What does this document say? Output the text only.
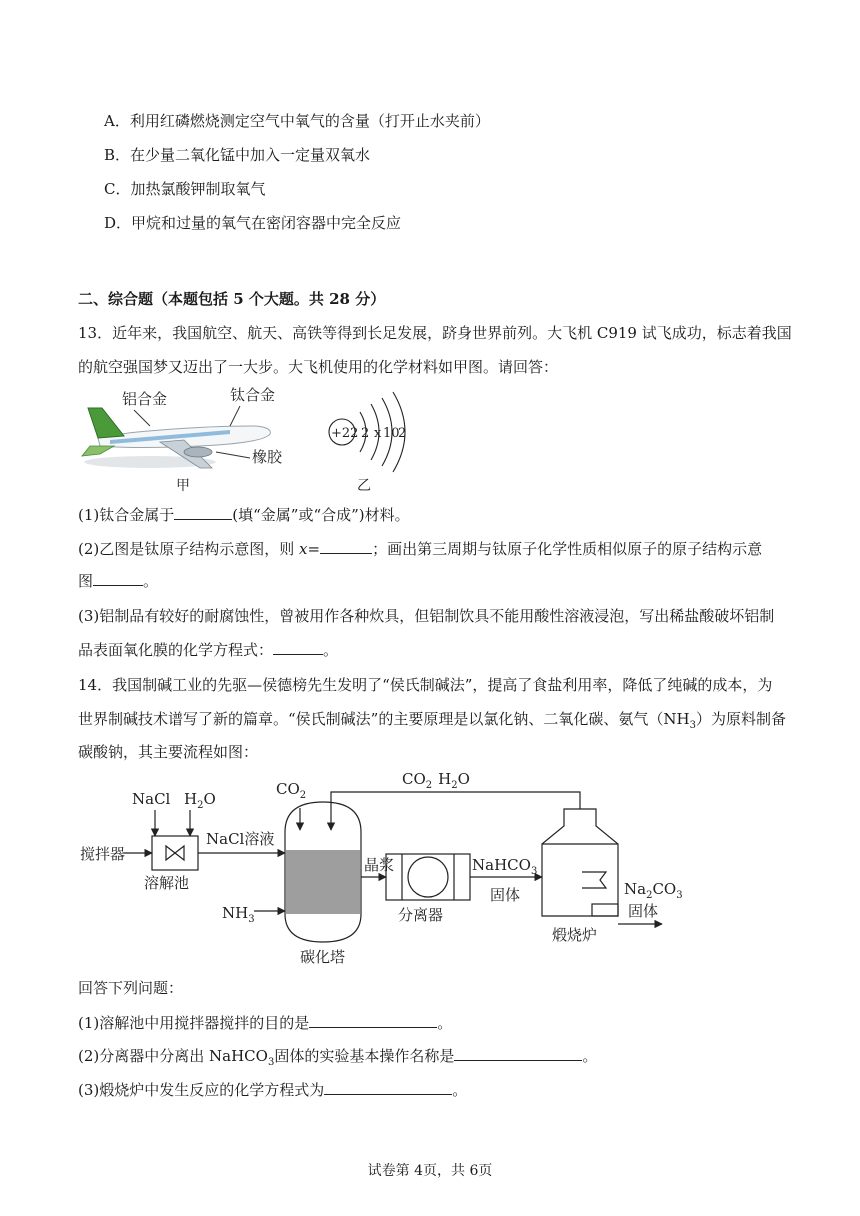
A．利用红磷燃烧测定空气中氧气的含量（打开止水夹前）
B．在少量二氧化锰中加入一定量双氧水
C．加热氯酸钾制取氧气
D．甲烷和过量的氧气在密闭容器中完全反应
二、综合题（本题包括 5 个大题。共 28 分）
13．近年来，我国航空、航天、高铁等得到长足发展，跻身世界前列。大飞机 C919 试飞成功，标志着我国
的航空强国梦又迈出了一大步。大飞机使用的化学材料如甲图。请回答：
铝合金	钛合金
橡胶
甲
+22 2 x 10
2
乙
(1)钛合金属于	(填“金属”或“合成”)材料。
(2)乙图是钛原子结构示意图，则 x=	；画出第三周期与钛原子化学性质相似原子的原子结构示意
图	。
(3)铝制品有较好的耐腐蚀性，曾被用作各种炊具，但铝制饮具不能用酸性溶液浸泡，写出稀盐酸破坏铝制
品表面氧化膜的化学方程式：	。
14．我国制碱工业的先驱—侯德榜先生发明了“侯氏制碱法”，提高了食盐利用率，降低了纯碱的成本，为
世界制碱技术谱写了新的篇章。“侯氏制碱法”的主要原理是以氯化钠、二氧化碳、氨气$(NH_3)$为原料制备
碳酸钠，其主要流程如图：
NaCl $H_2O$
搅拌器
溶解池
NaCl溶液
$CO_2$
$NH_3$
碳化塔
晶浆
分离器
NaHCO$_3$
固体
$CO_2$ $H_2O$
煅烧炉
$Na_2CO_3$
固体
回答下列问题：
(1)溶解池中用搅拌器搅拌的目的是	。
(2)分离器中分离出 NaHCO$_3$固体的实验基本操作名称是	。
(3)煅烧炉中发生反应的化学方程式为	。
试卷第 4页，共 6页
